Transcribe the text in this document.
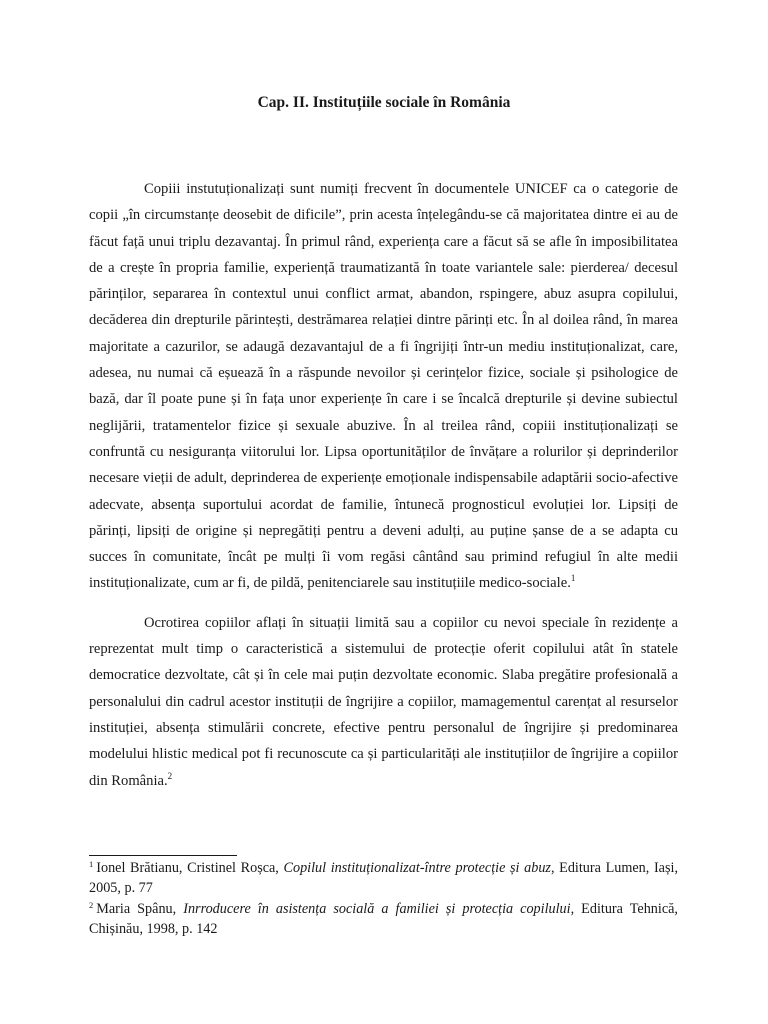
Cap. II. Instituțiile sociale în România

Copiii instutuționalizați sunt numiți frecvent în documentele UNICEF ca o categorie de copii „în circumstanțe deosebit de dificile”, prin acesta înțelegându-se că majoritatea dintre ei au de făcut față unui triplu dezavantaj. În primul rând, experiența care a făcut să se afle în imposibilitatea de a crește în propria familie, experiență traumatizantă în toate variantele sale: pierderea/ decesul părinților, separarea în contextul unui conflict armat, abandon, rspingere, abuz asupra copilului, decăderea din drepturile părintești, destrămarea relației dintre părinți etc. În al doilea rând, în marea majoritate a cazurilor, se adaugă dezavantajul de a fi îngrijiți într-un mediu instituționalizat, care, adesea, nu numai că eșuează în a răspunde nevoilor și cerințelor fizice, sociale și psihologice de bază, dar îl poate pune și în fața unor experiențe în care i se încalcă drepturile și devine subiectul neglijării, tratamentelor fizice și sexuale abuzive. În al treilea rând, copiii instituționalizați se confruntă cu nesiguranța viitorului lor. Lipsa oportunităților de învățare a rolurilor și deprinderilor necesare vieții de adult, deprinderea de experiențe emoționale indispensabile adaptării socio-afective adecvate, absența suportului acordat de familie, întunecă prognosticul evoluției lor. Lipsiți de părinți, lipsiți de origine și nepregătiți pentru a deveni adulți, au puține șanse de a se adapta cu succes în comunitate, încât pe mulți îi vom regăsi cântând sau primind refugiul în alte medii instituționalizate, cum ar fi, de pildă, penitenciarele sau instituțiile medico-sociale.$^1$

Ocrotirea copiilor aflați în situații limită sau a copiilor cu nevoi speciale în rezidențe a reprezentat mult timp o caracteristică a sistemului de protecție oferit copilului atât în statele democratice dezvoltate, cât și în cele mai puțin dezvoltate economic. Slaba pregătire profesională a personalului din cadrul acestor instituții de îngrijire a copiilor, mamagementul carențat al resurselor instituției, absența stimulării concrete, efective pentru personalul de îngrijire și predominarea modelului hlistic medical pot fi recunoscute ca și particularități ale instituțiilor de îngrijire a copiilor din România.$^2$

$^1$ Ionel Brătianu, Cristinel Roșca, Copilul instituționalizat-între protecție și abuz, Editura Lumen, Iași, 2005, p. 77

$^2$ Maria Spânu, Inrroducere în asistența socială a familiei și protecția copilului, Editura Tehnică, Chișinău, 1998, p. 142
